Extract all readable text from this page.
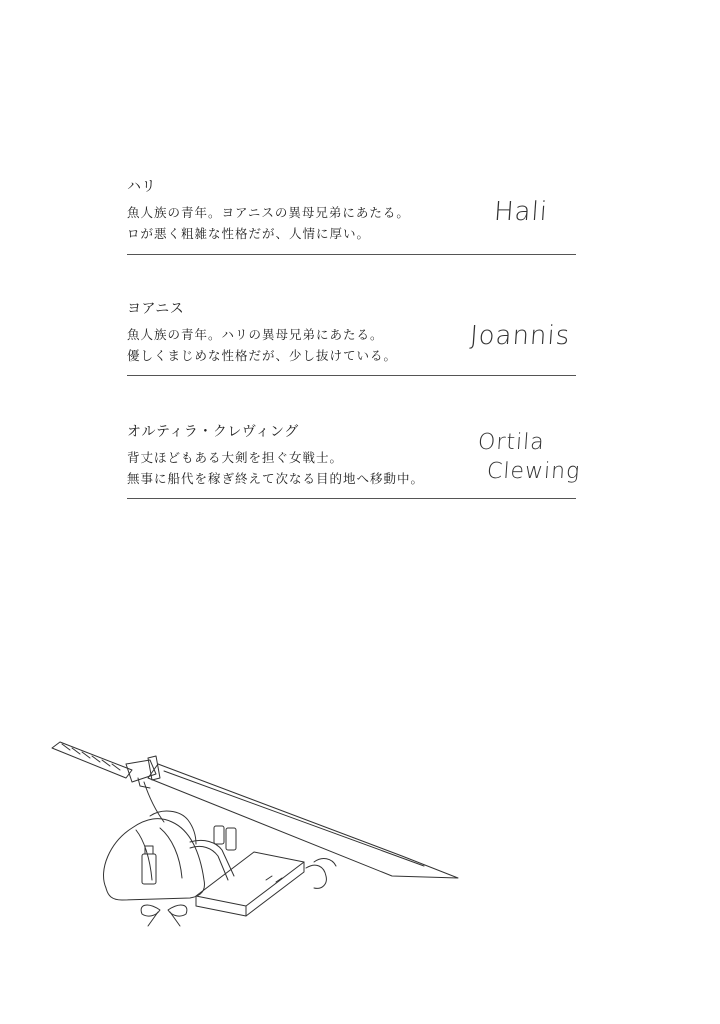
ハリ
魚人族の青年。ヨアニスの異母兄弟にあたる。
ロが悪く粗雑な性格だが、人情に厚い。
Hali
ヨアニス
魚人族の青年。ハリの異母兄弟にあたる。
優しくまじめな性格だが、少し抜けている。
Joannis
オルティラ・クレヴィング
背丈ほどもある大剣を担ぐ女戦士。
無事に船代を稼ぎ終えて次なる目的地へ移動中。
Ortila
Clewing
